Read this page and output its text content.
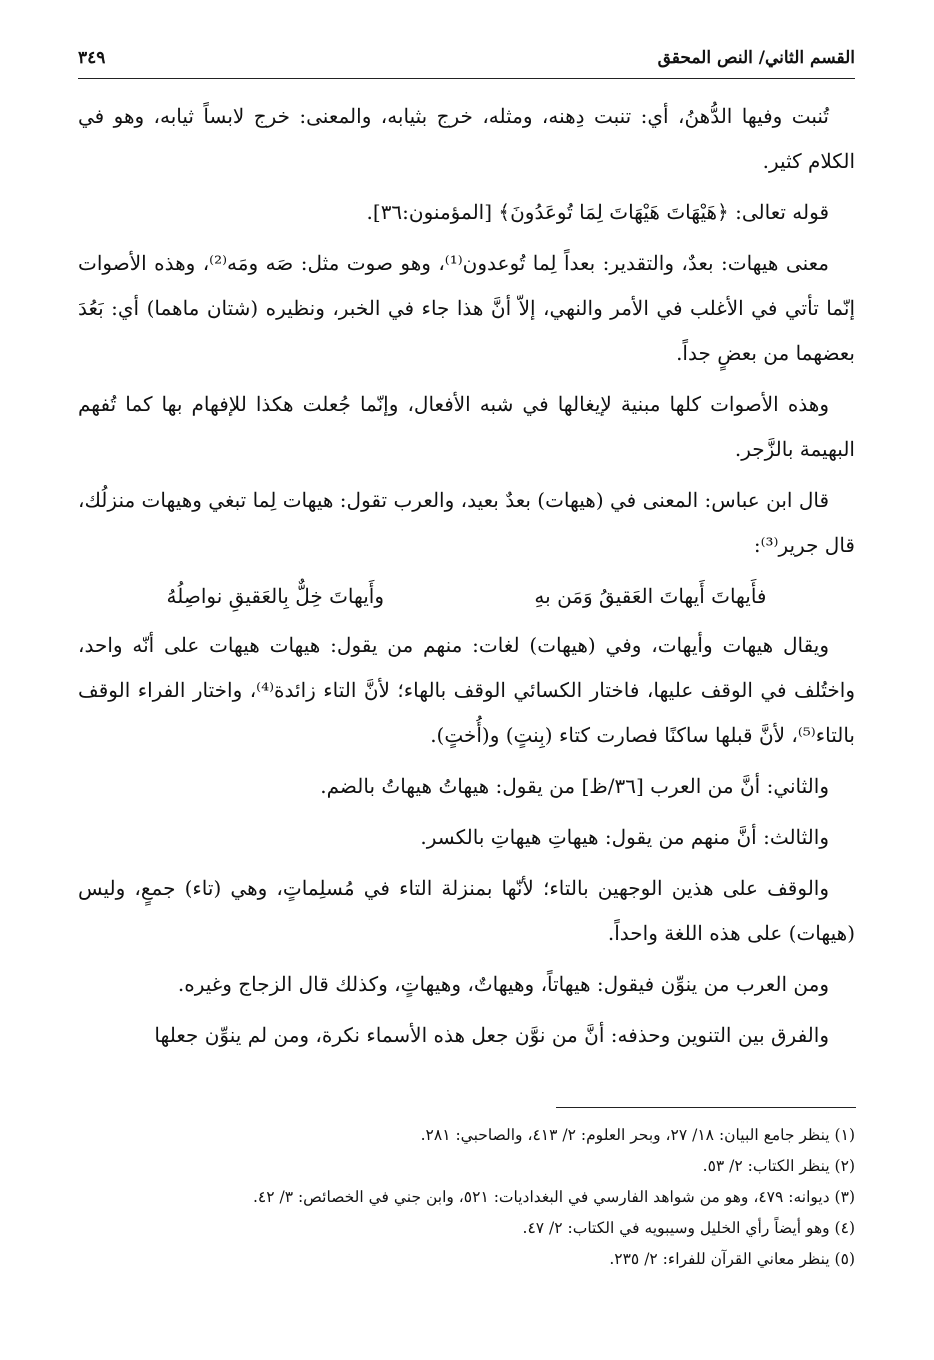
القسم الثاني/ النص المحقق
٣٤٩

تُنبت وفيها الدُّهنُ، أي: تنبت دِهنه، ومثله، خرج بثيابه، والمعنى: خرج لابساً ثيابه، وهو في الكلام كثير.

قوله تعالى: ﴿هَيْهَاتَ هَيْهَاتَ لِمَا تُوعَدُونَ﴾ [المؤمنون:٣٦].

معنى هيهات: بعدٌ، والتقدير: بعداً لِما تُوعدون⁽¹⁾، وهو صوت مثل: صَه ومَه⁽²⁾، وهذه الأصوات إنّما تأتي في الأغلب في الأمر والنهي، إلاّ أنَّ هذا جاء في الخبر، ونظيره (شتان ماهما) أي: بَعُدَ بعضهما من بعضٍ جداً.

وهذه الأصوات كلها مبنية لإيغالها في شبه الأفعال، وإنّما جُعلت هكذا للإفهام بها كما تُفهم البهيمة بالزَّجر.

قال ابن عباس: المعنى في (هيهات) بعدٌ بعيد، والعرب تقول: هيهات لِما تبغي وهيهات منزلُك، قال جرير⁽³⁾:

فأَيهاتَ أَيهاتَ العَقيقُ وَمَن بهِ
وأَيهاتَ خِلٌّ بِالعَقيقِ نواصِلُهُ

ويقال هيهات وأيهات، وفي (هيهات) لغات: منهم من يقول: هيهات هيهات على أنّه واحد، واختُلف في الوقف عليها، فاختار الكسائي الوقف بالهاء؛ لأنَّ التاء زائدة⁽⁴⁾، واختار الفراء الوقف بالتاء⁽⁵⁾، لأنَّ قبلها ساكنًا فصارت كتاء (بِنتٍ) و(أُختٍ).

والثاني: أنَّ من العرب [٣٦/ظ] من يقول: هيهاتُ هيهاتُ بالضم.

والثالث: أنَّ منهم من يقول: هيهاتِ هيهاتِ بالكسر.

والوقف على هذين الوجهين بالتاء؛ لأنّها بمنزلة التاء في مُسلِماتٍ، وهي (تاء) جمعٍ، وليس (هيهات) على هذه اللغة واحداً.

ومن العرب من ينوِّن فيقول: هيهاتاً، وهيهاتٌ، وهيهاتٍ، وكذلك قال الزجاج وغيره.

والفرق بين التنوين وحذفه: أنَّ من نوَّن جعل هذه الأسماء نكرة، ومن لم ينوِّن جعلها

(١) ينظر جامع البيان: ١٨/ ٢٧، وبحر العلوم: ٢/ ٤١٣، والصاحبي: ٢٨١.
(٢) ينظر الكتاب: ٢/ ٥٣.
(٣) ديوانه: ٤٧٩، وهو من شواهد الفارسي في البغداديات: ٥٢١، وابن جني في الخصائص: ٣/ ٤٢.
(٤) وهو أيضاً رأي الخليل وسيبويه في الكتاب: ٢/ ٤٧.
(٥) ينظر معاني القرآن للفراء: ٢/ ٢٣٥.
